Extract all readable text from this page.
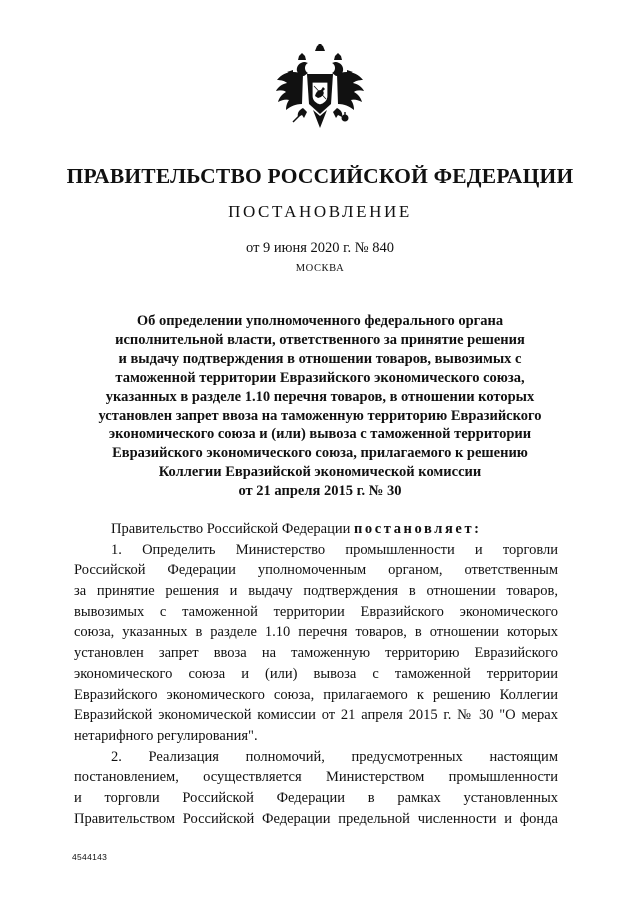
ПРАВИТЕЛЬСТВО РОССИЙСКОЙ ФЕДЕРАЦИИ
ПОСТАНОВЛЕНИЕ
от 9 июня 2020 г. № 840
МОСКВА
Об определении уполномоченного федерального органа
исполнительной власти, ответственного за принятие решения
и выдачу подтверждения в отношении товаров, вывозимых с
таможенной территории Евразийского экономического союза,
указанных в разделе 1.10 перечня товаров, в отношении которых
установлен запрет ввоза на таможенную территорию Евразийского
экономического союза и (или) вывоза с таможенной территории
Евразийского экономического союза, прилагаемого к решению
Коллегии Евразийской экономической комиссии
от 21 апреля 2015 г. № 30
Правительство Российской Федерации постановляет:
1. Определить Министерство промышленности и торговли
Российской Федерации уполномоченным органом, ответственным
за принятие решения и выдачу подтверждения в отношении товаров,
вывозимых с таможенной территории Евразийского экономического
союза, указанных в разделе 1.10 перечня товаров, в отношении которых
установлен запрет ввоза на таможенную территорию Евразийского
экономического союза и (или) вывоза с таможенной территории
Евразийского экономического союза, прилагаемого к решению Коллегии
Евразийской экономической комиссии от 21 апреля 2015 г. № 30 "О мерах
нетарифного регулирования".
2. Реализация полномочий, предусмотренных настоящим
постановлением, осуществляется Министерством промышленности
и торговли Российской Федерации в рамках установленных
Правительством Российской Федерации предельной численности и фонда
4544143
